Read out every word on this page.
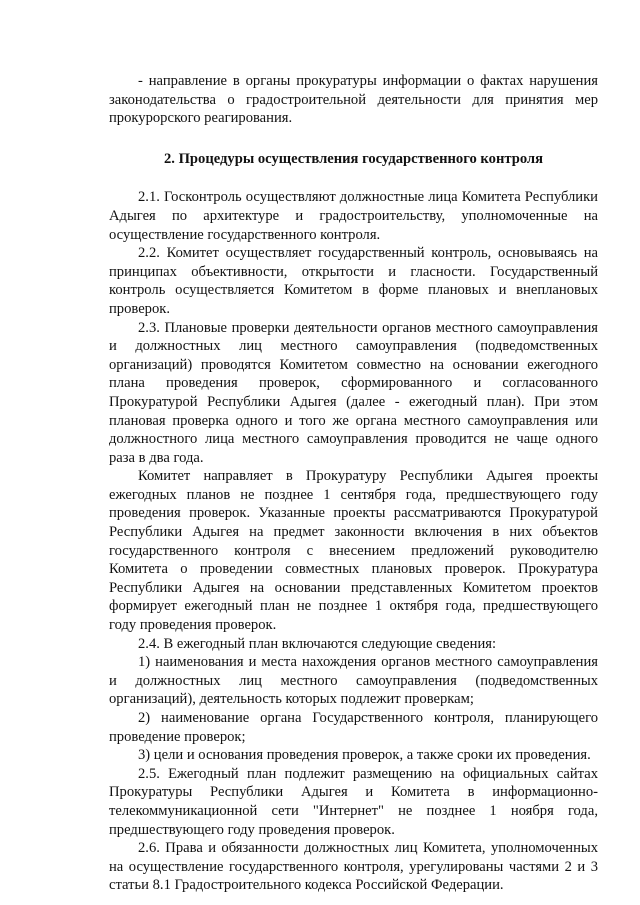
- направление в органы прокуратуры информации о фактах нарушения законодательства о градостроительной деятельности для принятия мер прокурорского реагирования.

2. Процедуры осуществления государственного контроля

2.1. Госконтроль осуществляют должностные лица Комитета Республики Адыгея по архитектуре и градостроительству, уполномоченные на осуществление государственного контроля.

2.2. Комитет осуществляет государственный контроль, основываясь на принципах объективности, открытости и гласности. Государственный контроль осуществляется Комитетом в форме плановых и внеплановых проверок.

2.3. Плановые проверки деятельности органов местного самоуправления и должностных лиц местного самоуправления (подведомственных организаций) проводятся Комитетом совместно на основании ежегодного плана проведения проверок, сформированного и согласованного Прокуратурой Республики Адыгея (далее - ежегодный план). При этом плановая проверка одного и того же органа местного самоуправления или должностного лица местного самоуправления проводится не чаще одного раза в два года.

Комитет направляет в Прокуратуру Республики Адыгея проекты ежегодных планов не позднее 1 сентября года, предшествующего году проведения проверок. Указанные проекты рассматриваются Прокуратурой Республики Адыгея на предмет законности включения в них объектов государственного контроля с внесением предложений руководителю Комитета о проведении совместных плановых проверок. Прокуратура Республики Адыгея на основании представленных Комитетом проектов формирует ежегодный план не позднее 1 октября года, предшествующего году проведения проверок.

2.4. В ежегодный план включаются следующие сведения:

1) наименования и места нахождения органов местного самоуправления и должностных лиц местного самоуправления (подведомственных организаций), деятельность которых подлежит проверкам;

2) наименование органа Государственного контроля, планирующего проведение проверок;

3) цели и основания проведения проверок, а также сроки их проведения.

2.5. Ежегодный план подлежит размещению на официальных сайтах Прокуратуры Республики Адыгея и Комитета в информационно-телекоммуникационной сети "Интернет" не позднее 1 ноября года, предшествующего году проведения проверок.

2.6. Права и обязанности должностных лиц Комитета, уполномоченных на осуществление государственного контроля, урегулированы частями 2 и 3 статьи 8.1 Градостроительного кодекса Российской Федерации.
